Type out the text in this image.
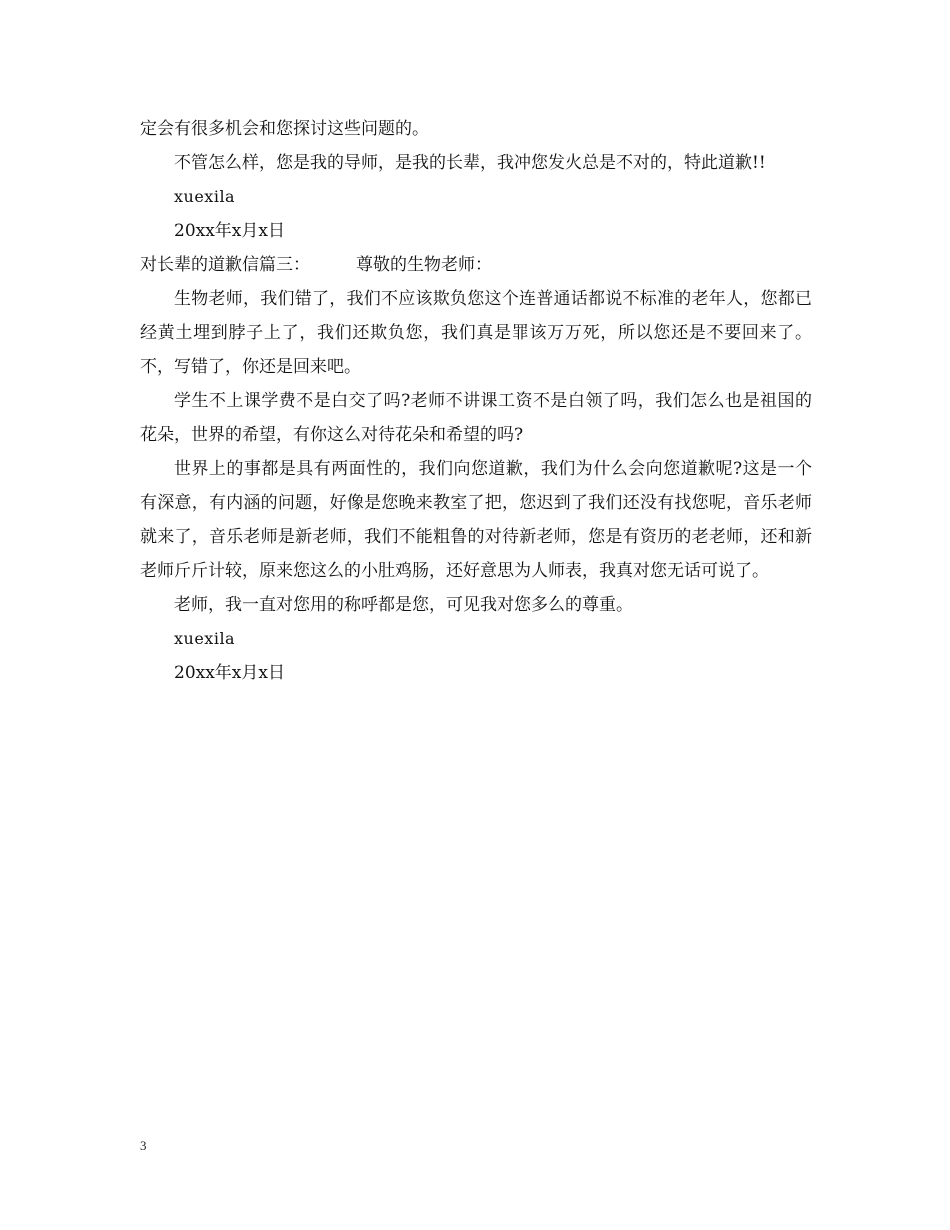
定会有很多机会和您探讨这些问题的。

不管怎么样，您是我的导师，是我的长辈，我冲您发火总是不对的，特此道歉!!

xuexila

20xx年x月x日

对长辈的道歉信篇三：	尊敬的生物老师：

生物老师，我们错了，我们不应该欺负您这个连普通话都说不标准的老年人，您都已经黄土埋到脖子上了，我们还欺负您，我们真是罪该万万死，所以您还是不要回来了。不，写错了，你还是回来吧。

学生不上课学费不是白交了吗?老师不讲课工资不是白领了吗，我们怎么也是祖国的花朵，世界的希望，有你这么对待花朵和希望的吗?

世界上的事都是具有两面性的，我们向您道歉，我们为什么会向您道歉呢?这是一个有深意，有内涵的问题，好像是您晚来教室了把，您迟到了我们还没有找您呢，音乐老师就来了，音乐老师是新老师，我们不能粗鲁的对待新老师，您是有资历的老老师，还和新老师斤斤计较，原来您这么的小肚鸡肠，还好意思为人师表，我真对您无话可说了。

老师，我一直对您用的称呼都是您，可见我对您多么的尊重。

xuexila

20xx年x月x日

3
